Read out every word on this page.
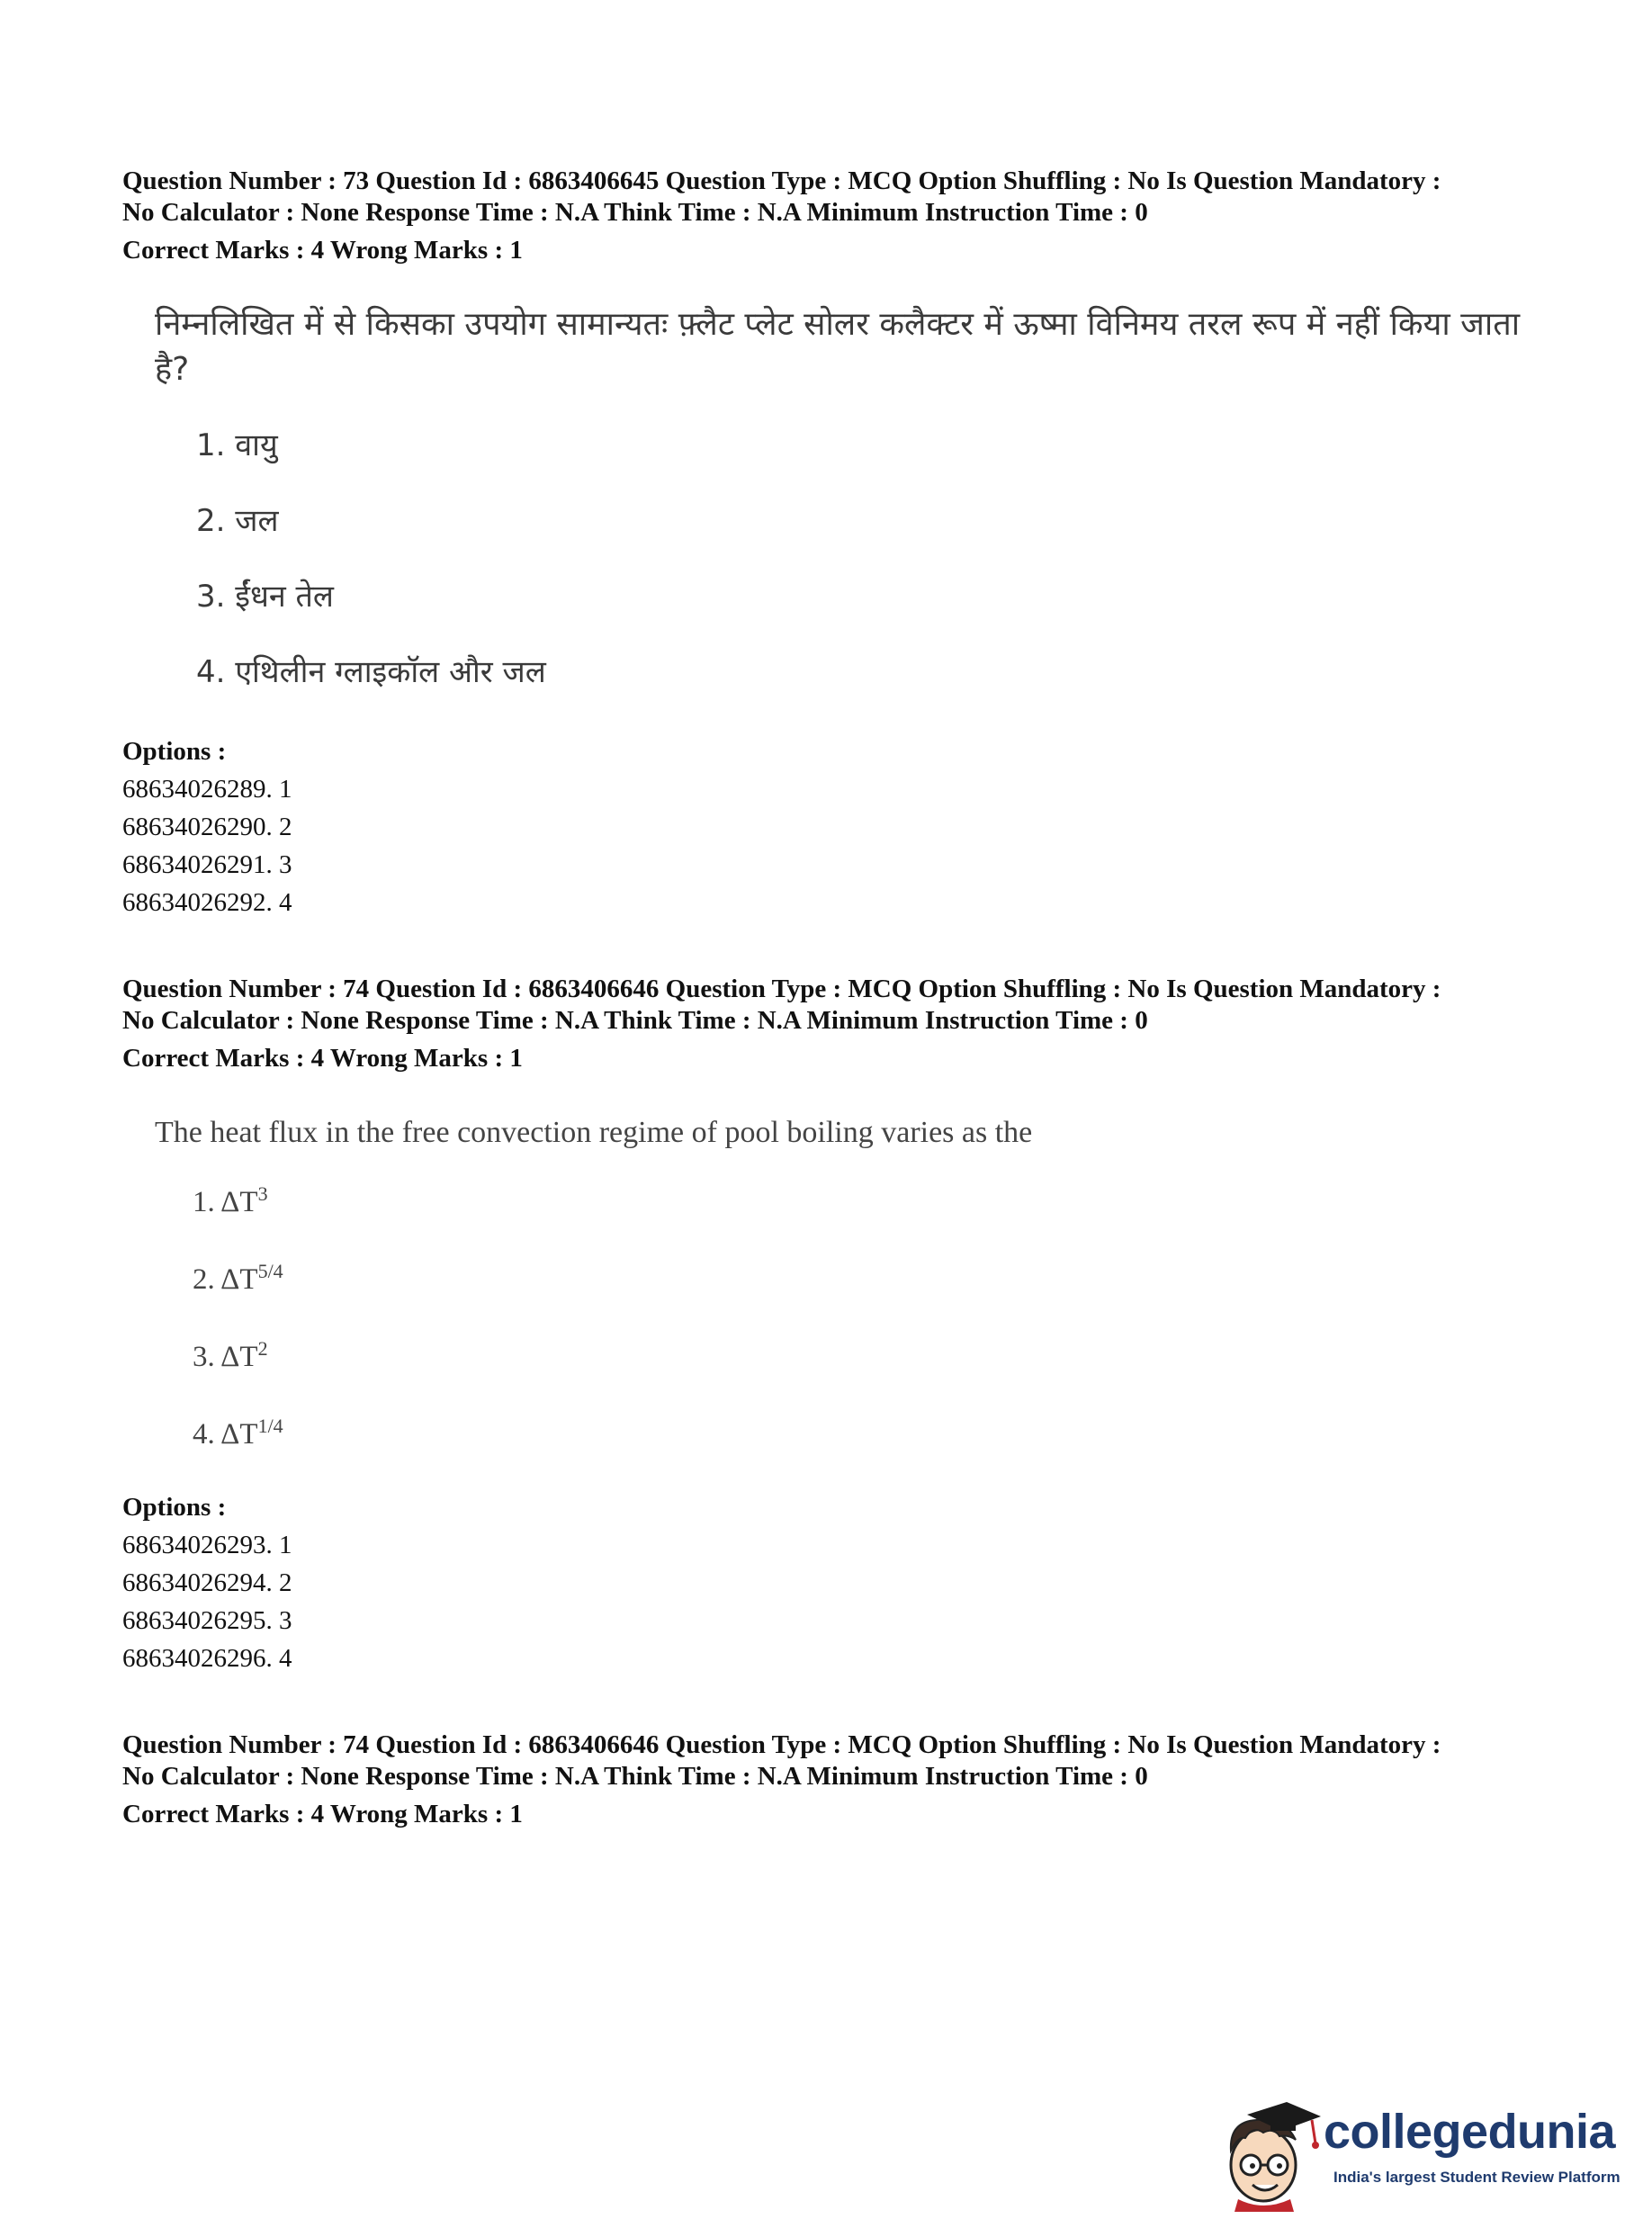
Question Number : 73 Question Id : 6863406645 Question Type : MCQ Option Shuffling : No Is Question Mandatory :

No Calculator : None Response Time : N.A Think Time : N.A Minimum Instruction Time : 0

Correct Marks : 4 Wrong Marks : 1
निम्नलिखित में से किसका उपयोग सामान्यतः फ़्लैट प्लेट सोलर कलैक्टर में ऊष्मा विनिमय तरल रूप में नहीं किया जाता है?
1. वायु
2. जल
3. ईंधन तेल
4. एथिलीन ग्लाइकॉल और जल
Options :
68634026289. 1
68634026290. 2
68634026291. 3
68634026292. 4

Question Number : 74 Question Id : 6863406646 Question Type : MCQ Option Shuffling : No Is Question Mandatory :

No Calculator : None Response Time : N.A Think Time : N.A Minimum Instruction Time : 0

Correct Marks : 4 Wrong Marks : 1
The heat flux in the free convection regime of pool boiling varies as the
1. $\Delta T^3$
2. $\Delta T^{5/4}$
3. $\Delta T^2$
4. $\Delta T^{1/4}$
Options :
68634026293. 1
68634026294. 2
68634026295. 3
68634026296. 4

Question Number : 74 Question Id : 6863406646 Question Type : MCQ Option Shuffling : No Is Question Mandatory :

No Calculator : None Response Time : N.A Think Time : N.A Minimum Instruction Time : 0

Correct Marks : 4 Wrong Marks : 1
collegedunia
India's largest Student Review Platform
